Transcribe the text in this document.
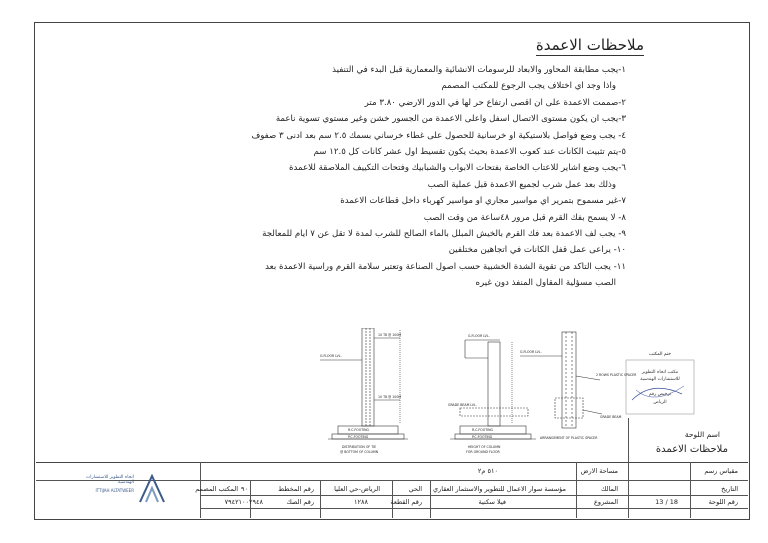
ملاحظات الاعمدة
١-يجب مطابقة المحاور والابعاد للرسومات الانشائية والمعمارية قبل البدء في التنفيذ
واذا وجد اي اختلاف يجب الرجوع للمكتب المصمم
٢-صممت الاعمدة على ان اقصى ارتفاع حر لها في الدور الارضي ٣.٨٠ متر
٣-يجب ان يكون مستوى الاتصال اسفل واعلى الاعمدة من الجسور خشن وغير مستوي تسوية ناعمة
٤- يجب وضع فواصل بلاستيكية او خرسانية للحصول على غطاء خرساني بسمك ٢.٥ سم بعد ادنى ٣ صفوف
٥-يتم تثبيت الكانات عند كعوب الاعمدة بحيث يكون تقسيط اول عشر كانات كل ١٢.٥ سم
٦-يجب وضع اشاير للاعتاب الخاصة بفتحات الابواب والشبابيك وفتحات التكييف الملاصقة للاعمدة
وذلك بعد عمل شرب لجميع الاعمدة قبل عملية الصب
٧-غير مسموح بتمرير اي مواسير مجاري او مواسير كهرباء داخل قطاعات الاعمدة
٨- لا يسمح بفك القرم قبل مرور ٤٨ساعة من وقت الصب
٩- يجب لف الاعمدة بعد فك القرم بالخيش المبلل بالماء الصالح للشرب لمدة لا تقل عن ٧ ايام للمعالجة
١٠- يراعى عمل قفل الكانات في اتجاهين مختلفين
١١- يجب التاكد من تقوية الشدة الخشبية حسب اصول الصناعة وتعتبر سلامة القرم وراسية الاعمدة بعد
الصب مسؤلية المقاول المنفذ دون غيره
G.FLOOR LVL.
10 T8 @ 100M
10 T8 @ 100M
R.C.FOOTING
P.C.FOOTING
DISTRIBUTION OF TIE
@ BOTTOM OF COLUMN
G.FLOOR LVL.
GRADE BEAM LVL.
R.C.FOOTING
P.C.FOOTING
HEIGHT OF COLUMN
FOR GROUND FLOOR
G.FLOOR LVL.
2 ROWS PLASTIC SPACER
GRADE BEAM
ARRANGEMENT OF PLASTIC SPACER
ختم المكتب
مكتب اتجاه التطوير
للاستشارات الهندسية
ترخيص رقم
الرياض
اسم اللوحة
ملاحظات الاعمدة
مقياس رسم
التاريخ
رقم اللوحة
13 / 18
مساحة الارض
٥١٠ م٢
المالك
مؤسسة سوار الاعمال للتطوير والاستثمار العقاري
الحي
الرياض-حي العليا
رقم المخطط
٩٠
المشروع
فيلا سكنية
رقم القطعة
١٢٨٨
رقم الصك
٧٩٤٢١٠٠٢٩٤٨
المكتب المصمم
اتجاه التطوير للاستشارات الهندسية
ITTIJAH ALTATWEER
